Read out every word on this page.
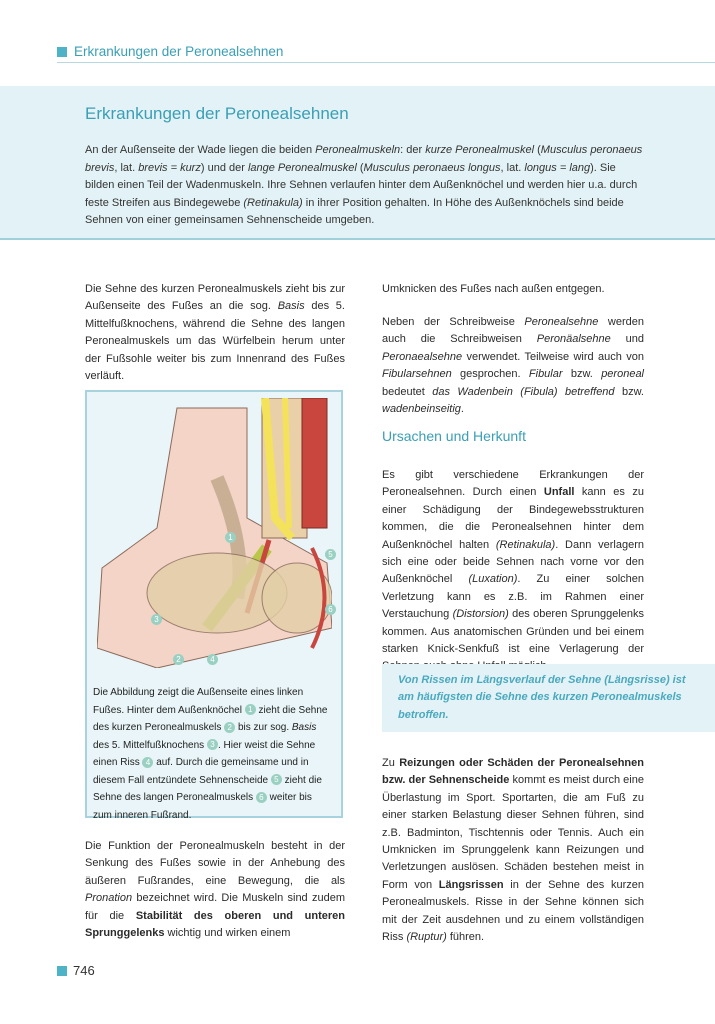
Erkrankungen der Peronealsehnen
Erkrankungen der Peronealsehnen

An der Außenseite der Wade liegen die beiden Peronealmuskeln: der kurze Peronealmuskel (Musculus peronaeus brevis, lat. brevis = kurz) und der lange Peronealmuskel (Musculus peronaeus longus, lat. longus = lang). Sie bilden einen Teil der Wadenmuskeln. Ihre Sehnen verlaufen hinter dem Außenknöchel und werden hier u.a. durch feste Streifen aus Bindegewebe (Retinakula) in ihrer Position gehalten. In Höhe des Außenknöchels sind beide Sehnen von einer gemeinsamen Sehnenscheide umgeben.

Die Sehne des kurzen Peronealmuskels zieht bis zur Außenseite des Fußes an die sog. Basis des 5. Mittelfußknochens, während die Sehne des langen Peronealmuskels um das Würfelbein herum unter der Fußsohle weiter bis zum Innenrand des Fußes verläuft.

1
2
3
4
5
6
Die Abbildung zeigt die Außenseite eines linken Fußes. Hinter dem Außenknöchel 1 zieht die Sehne des kurzen Peronealmuskels 2 bis zur sog. Basis des 5. Mittelfußknochens 3 . Hier weist die Sehne einen Riss 4 auf. Durch die gemeinsame und in diesem Fall entzündete Sehnenscheide 5 zieht die Sehne des langen Peronealmuskels 6 weiter bis zum inneren Fußrand.

Die Funktion der Peronealmuskeln besteht in der Senkung des Fußes sowie in der Anhebung des äußeren Fußrandes, eine Bewegung, die als Pronation bezeichnet wird. Die Muskeln sind zudem für die Stabilität des oberen und unteren Sprunggelenks wichtig und wirken einem

Umknicken des Fußes nach außen entgegen.

Neben der Schreibweise Peronealsehne werden auch die Schreibweisen Peronäalsehne und Peronaealsehne verwendet. Teilweise wird auch von Fibularsehnen gesprochen. Fibular bzw. peroneal bedeutet das Wadenbein (Fibula) betreffend bzw. wadenbeinseitig.

Ursachen und Herkunft

Es gibt verschiedene Erkrankungen der Peronealsehnen. Durch einen Unfall kann es zu einer Schädigung der Bindegewebsstrukturen kommen, die die Peronealsehnen hinter dem Außenknöchel halten (Retinakula). Dann verlagern sich eine oder beide Sehnen nach vorne vor den Außenknöchel (Luxation). Zu einer solchen Verletzung kann es z.B. im Rahmen einer Verstauchung (Distorsion) des oberen Sprunggelenks kommen. Aus anatomischen Gründen und bei einem starken Knick-Senkfuß ist eine Verlagerung der

Von Rissen im Längsverlauf der Sehne (Längsrisse) ist am häufigsten die Sehne des kurzen Peronealmuskels betroffen.

Zu Reizungen oder Schäden der Peronealsehnen bzw. der Sehnenscheide kommt es meist durch eine Überlastung im Sport. Sportarten, die am Fuß zu einer starken Belastung dieser Sehnen führen, sind z.B. Badminton, Tischtennis oder Tennis. Auch ein Umknicken im Sprunggelenk kann Reizungen und Verletzungen auslösen. Schäden bestehen meist in Form von Längsrissen in der Sehne des kurzen Peronealmuskels. Risse in der Sehne können sich mit der Zeit ausdehnen und zu einem vollständigen Riss (Ruptur) führen.

746
